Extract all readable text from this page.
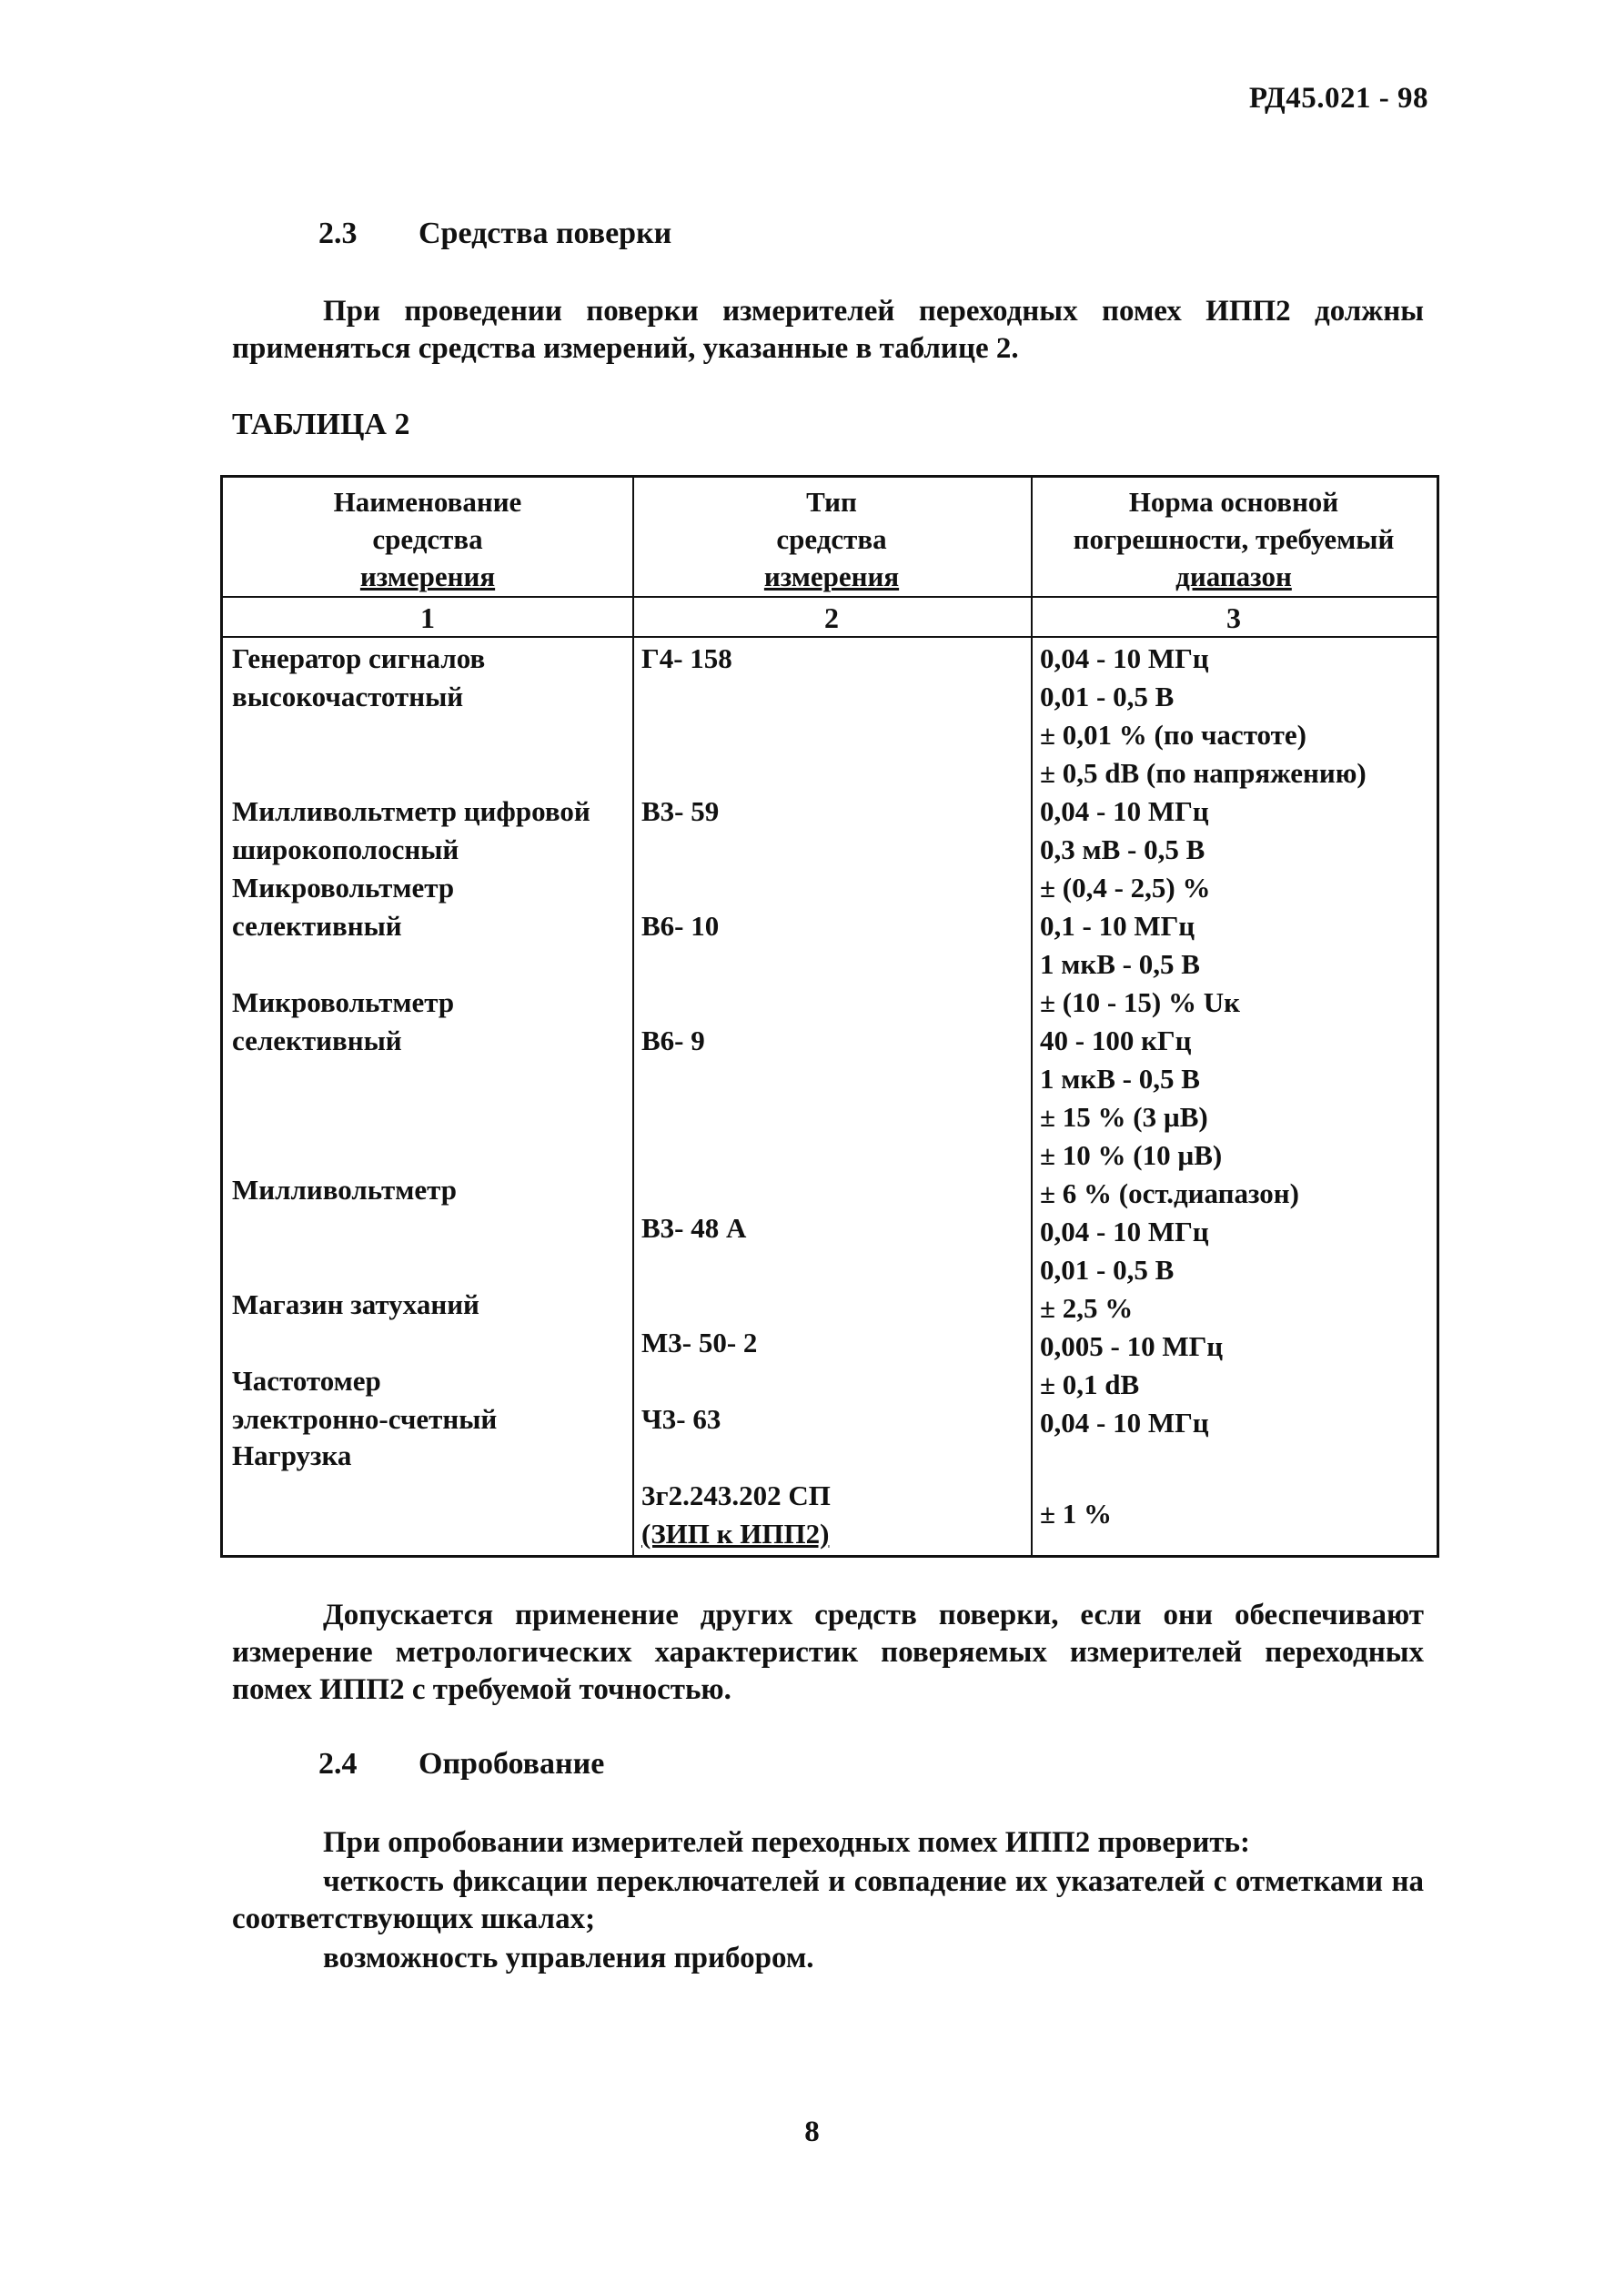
РД45.021 - 98
2.3 Средства поверки
При проведении поверки измерителей переходных помех ИПП2 должны применяться средства измерений, указанные в таблице 2.
ТАБЛИЦА 2
Наименование
средства
измерения
Тип
средства
измерения
Норма основной
погрешности, требуемый
диапазон
1	2	3
Генератор сигналов
высокочастотный
Милливольтметр цифровой
широкополосный
Микровольтметр
селективный
Микровольтметр
селективный
Милливольтметр
Магазин затуханий
Частотомер
электронно-счетный
Нагрузка
Г4- 158
В3- 59
В6- 10
В6- 9
В3- 48 А
М3- 50- 2
Ч3- 63
3г2.243.202 СП
(ЗИП к ИПП2)
0,04 - 10 МГц
0,01 - 0,5 В
± 0,01 % (по частоте)
± 0,5 dB (по напряжению)
0,04 - 10 МГц
0,3 мВ - 0,5 В
± (0,4 - 2,5) %
0,1 - 10 МГц
1 мкВ - 0,5 В
± (10 - 15) % Uк
40 - 100 кГц
1 мкВ - 0,5 В
± 15 % (3 µВ)
± 10 % (10 µВ)
± 6 % (ост.диапазон)
0,04 - 10 МГц
0,01 - 0,5 В
± 2,5 %
0,005 - 10 МГц
± 0,1 dB
0,04 - 10 МГц
± 1 %
Допускается применение других средств поверки, если они обеспечивают измерение метрологических характеристик поверяемых измерителей переходных помех ИПП2 с требуемой точностью.
2.4 Опробование
При опробовании измерителей переходных помех ИПП2 проверить:
четкость фиксации переключателей и совпадение их указателей с отметками на соответствующих шкалах;
возможность управления прибором.
8
